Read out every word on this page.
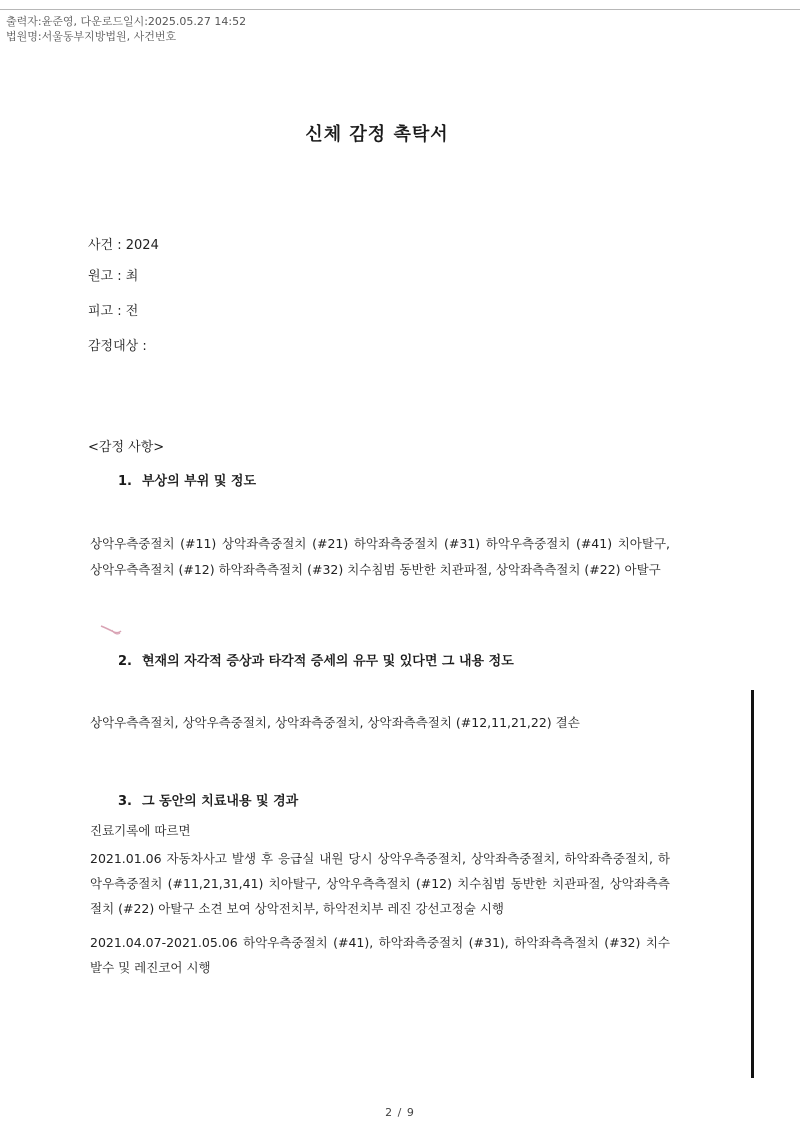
출력자:윤준영, 다운로드일시:2025.05.27 14:52
법원명:서울동부지방법원, 사건번호
신체 감정 촉탁서
사건 : 2024
원고 : 최
피고 : 전
감정대상 :
<감정 사항>
1. 부상의 부위 및 정도
상악우측중절치 (#11) 상악좌측중절치 (#21) 하악좌측중절치 (#31) 하악우측중절치 (#41) 치아탈구, 상악우측측절치 (#12) 하악좌측측절치 (#32) 치수침범 동반한 치관파절, 상악좌측측절치 (#22) 아탈구
2. 현재의 자각적 증상과 타각적 증세의 유무 및 있다면 그 내용 정도
상악우측측절치, 상악우측중절치, 상악좌측중절치, 상악좌측측절치 (#12,11,21,22) 결손
3. 그 동안의 치료내용 및 경과
진료기록에 따르면
2021.01.06 자동차사고 발생 후 응급실 내원 당시 상악우측중절치, 상악좌측중절치, 하악좌측중절치, 하악우측중절치 (#11,21,31,41) 치아탈구, 상악우측측절치 (#12) 치수침범 동반한 치관파절, 상악좌측측절치 (#22) 아탈구 소견 보여 상악전치부, 하악전치부 레진 강선고정술 시행
2021.04.07-2021.05.06 하악우측중절치 (#41), 하악좌측중절치 (#31), 하악좌측측절치 (#32) 치수 발수 및 레진코어 시행
2 / 9
